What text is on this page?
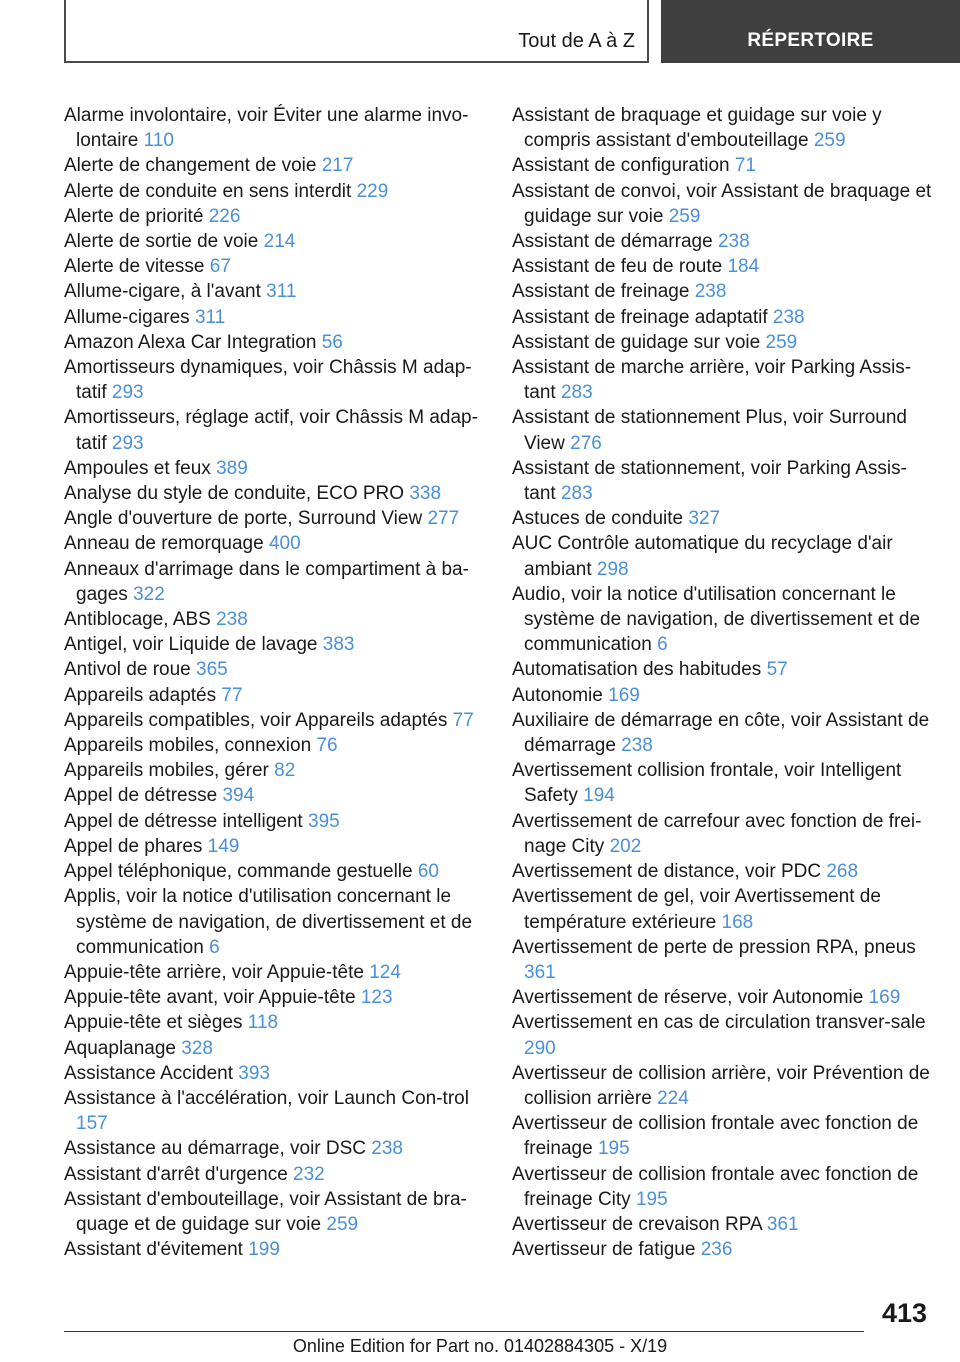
Tout de A à Z	RÉPERTOIRE
Alarme involontaire, voir Éviter une alarme invo‐lontaire 110
Alerte de changement de voie 217
Alerte de conduite en sens interdit 229
Alerte de priorité 226
Alerte de sortie de voie 214
Alerte de vitesse 67
Allume-cigare, à l'avant 311
Allume-cigares 311
Amazon Alexa Car Integration 56
Amortisseurs dynamiques, voir Châssis M adap‐tatif 293
Amortisseurs, réglage actif, voir Châssis M adap‐tatif 293
Ampoules et feux 389
Analyse du style de conduite, ECO PRO 338
Angle d'ouverture de porte, Surround View 277
Anneau de remorquage 400
Anneaux d'arrimage dans le compartiment à ba‐gages 322
Antiblocage, ABS 238
Antigel, voir Liquide de lavage 383
Antivol de roue 365
Appareils adaptés 77
Appareils compatibles, voir Appareils adaptés 77
Appareils mobiles, connexion 76
Appareils mobiles, gérer 82
Appel de détresse 394
Appel de détresse intelligent 395
Appel de phares 149
Appel téléphonique, commande gestuelle 60
Applis, voir la notice d'utilisation concernant le système de navigation, de divertissement et de communication 6
Appuie-tête arrière, voir Appuie-tête 124
Appuie-tête avant, voir Appuie-tête 123
Appuie-tête et sièges 118
Aquaplanage 328
Assistance Accident 393
Assistance à l'accélération, voir Launch Con‐trol 157
Assistance au démarrage, voir DSC 238
Assistant d'arrêt d'urgence 232
Assistant d'embouteillage, voir Assistant de bra‐quage et de guidage sur voie 259
Assistant d'évitement 199
Assistant de braquage et guidage sur voie y compris assistant d'embouteillage 259
Assistant de configuration 71
Assistant de convoi, voir Assistant de braquage et guidage sur voie 259
Assistant de démarrage 238
Assistant de feu de route 184
Assistant de freinage 238
Assistant de freinage adaptatif 238
Assistant de guidage sur voie 259
Assistant de marche arrière, voir Parking Assis‐tant 283
Assistant de stationnement Plus, voir Surround View 276
Assistant de stationnement, voir Parking Assis‐tant 283
Astuces de conduite 327
AUC Contrôle automatique du recyclage d'air ambiant 298
Audio, voir la notice d'utilisation concernant le système de navigation, de divertissement et de communication 6
Automatisation des habitudes 57
Autonomie 169
Auxiliaire de démarrage en côte, voir Assistant de démarrage 238
Avertissement collision frontale, voir Intelligent Safety 194
Avertissement de carrefour avec fonction de frei‐nage City 202
Avertissement de distance, voir PDC 268
Avertissement de gel, voir Avertissement de température extérieure 168
Avertissement de perte de pression RPA, pneus 361
Avertissement de réserve, voir Autonomie 169
Avertissement en cas de circulation transver‐sale 290
Avertisseur de collision arrière, voir Prévention de collision arrière 224
Avertisseur de collision frontale avec fonction de freinage 195
Avertisseur de collision frontale avec fonction de freinage City 195
Avertisseur de crevaison RPA 361
Avertisseur de fatigue 236
413
Online Edition for Part no. 01402884305 - X/19
